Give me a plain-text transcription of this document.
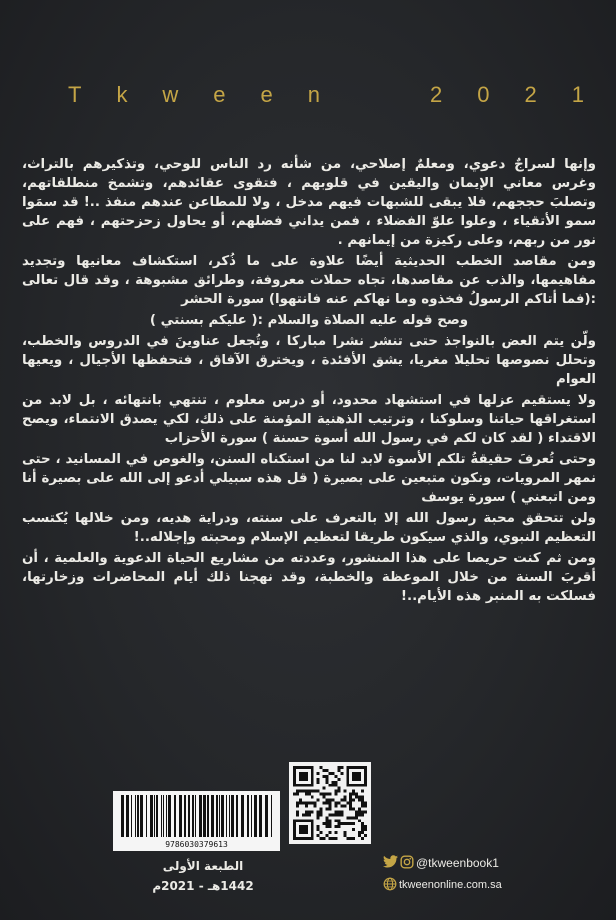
T k w e e n	2 0 2 1

وإنها لسراجٌ دعوي، ومعلمٌ إصلاحي، من شأنه رد الناس للوحي، وتذكيرهم بالتراث، وغرس معاني الإيمان واليقين في قلوبهم ، فتقوى عقائدهم، وتشمخ منطلقاتهم، وتصلبَ حججهم، فلا يبقى للشبهات فيهم مدخل ، ولا للمطاعن عندهم منفذ ..! قد سمَوا سمو الأتقياء ، وعلوا علوّ الفضلاء ، فمن يداني فضلهم، أو يحاول زحزحتهم ، فهم على نور من ربهم، وعلى ركيزة من إيمانهم .

ومن مقاصد الخطب الحديثية أيضًا علاوة على ما ذُكر، استكشاف معانيها وتجديد مفاهيمها، والذب عن مقاصدها، تجاه حملات معروفة، وطرائق مشبوهة ، وقد قال تعالى :(فما أتاكم الرسولُ فخذوه وما نهاكم عنه فانتهوا) سورة الحشر

وصح قوله عليه الصلاة والسلام :( عليكم بسنتي )

ولّن يتم العض بالنواجذ حتى تنشر نشرا مباركا ، وتُجعل عناوينَ في الدروس والخطب، وتحلل نصوصها تحليلا مغريا، يشق الأفئدة ، ويخترق الآفاق ، فتحفظها الأجيال ، ويعيها العوام

ولا يستقيم عزلها في استشهاد محدود، أو درس معلوم ، تنتهي بانتهائه ، بل لابد من استغراقها حياتنا وسلوكنا ، وترتيب الذهنية المؤمنة على ذلك، لكي يصدق الانتماء، ويصح الاقتداء ( لقد كان لكم في رسول الله أسوة حسنة ) سورة الأحزاب

وحتى تُعرفَ حقيقةُ تلكم الأسوة لابد لنا من استكناه السنن، والغوص في المسانيد ، حتى نمهر المرويات، ونكون متبعين على بصيرة ( قل هذه سبيلي أدعو إلى الله على بصيرة أنا ومن اتبعني ) سورة يوسف

ولن تتحقق محبة رسول الله إلا بالتعرف على سنته، ودراية هديه، ومن خلالها يُكتسب التعظيم النبوي، والذي سيكون طريقا لتعظيم الإسلام ومحبته وإجلاله..!

ومن ثم كنت حريصا على هذا المنشور، وعددته من مشاريع الحياة الدعوية والعلمية ، أن أقربَ السنة من خلال الموعظة والخطبة، وقد نهجنا ذلك أيام المحاضرات وزخارتها، فسلكت به المنبر هذه الأيام..!

9786030379613
الطبعة الأولى
1442هـ - 2021م
@tkweenbook1
tkweenonline.com.sa
